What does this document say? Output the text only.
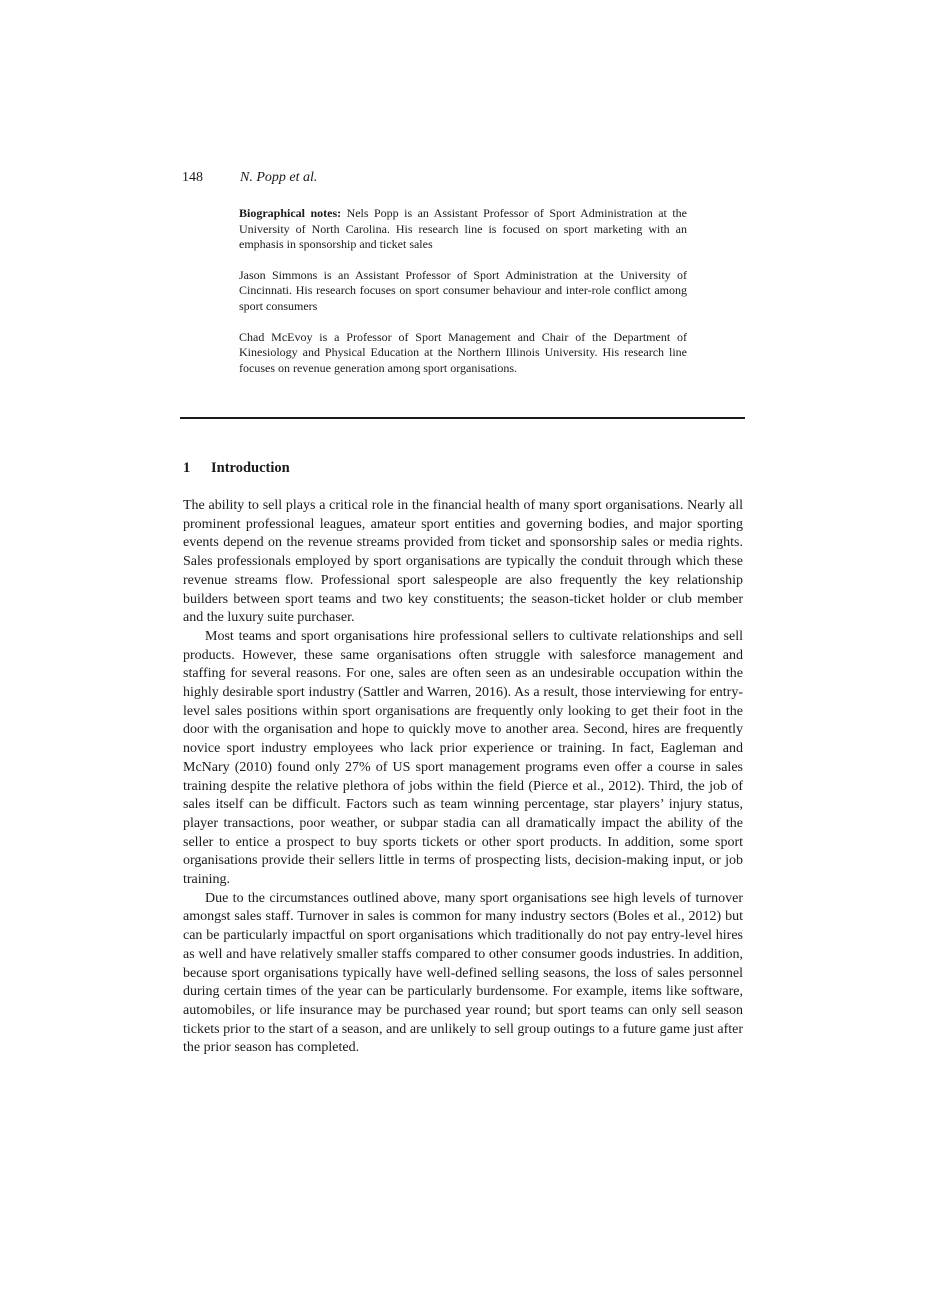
148	N. Popp et al.

Biographical notes: Nels Popp is an Assistant Professor of Sport Administration at the University of North Carolina. His research line is focused on sport marketing with an emphasis in sponsorship and ticket sales

Jason Simmons is an Assistant Professor of Sport Administration at the University of Cincinnati. His research focuses on sport consumer behaviour and inter-role conflict among sport consumers

Chad McEvoy is a Professor of Sport Management and Chair of the Department of Kinesiology and Physical Education at the Northern Illinois University. His research line focuses on revenue generation among sport organisations.

1 Introduction

The ability to sell plays a critical role in the financial health of many sport organisations. Nearly all prominent professional leagues, amateur sport entities and governing bodies, and major sporting events depend on the revenue streams provided from ticket and sponsorship sales or media rights. Sales professionals employed by sport organisations are typically the conduit through which these revenue streams flow. Professional sport salespeople are also frequently the key relationship builders between sport teams and two key constituents; the season-ticket holder or club member and the luxury suite purchaser.

Most teams and sport organisations hire professional sellers to cultivate relationships and sell products. However, these same organisations often struggle with salesforce management and staffing for several reasons. For one, sales are often seen as an undesirable occupation within the highly desirable sport industry (Sattler and Warren, 2016). As a result, those interviewing for entry-level sales positions within sport organisations are frequently only looking to get their foot in the door with the organisation and hope to quickly move to another area. Second, hires are frequently novice sport industry employees who lack prior experience or training. In fact, Eagleman and McNary (2010) found only 27% of US sport management programs even offer a course in sales training despite the relative plethora of jobs within the field (Pierce et al., 2012). Third, the job of sales itself can be difficult. Factors such as team winning percentage, star players’ injury status, player transactions, poor weather, or subpar stadia can all dramatically impact the ability of the seller to entice a prospect to buy sports tickets or other sport products. In addition, some sport organisations provide their sellers little in terms of prospecting lists, decision-making input, or job training.

Due to the circumstances outlined above, many sport organisations see high levels of turnover amongst sales staff. Turnover in sales is common for many industry sectors (Boles et al., 2012) but can be particularly impactful on sport organisations which traditionally do not pay entry-level hires as well and have relatively smaller staffs compared to other consumer goods industries. In addition, because sport organisations typically have well-defined selling seasons, the loss of sales personnel during certain times of the year can be particularly burdensome. For example, items like software, automobiles, or life insurance may be purchased year round; but sport teams can only sell season tickets prior to the start of a season, and are unlikely to sell group outings to a future game just after the prior season has completed.
